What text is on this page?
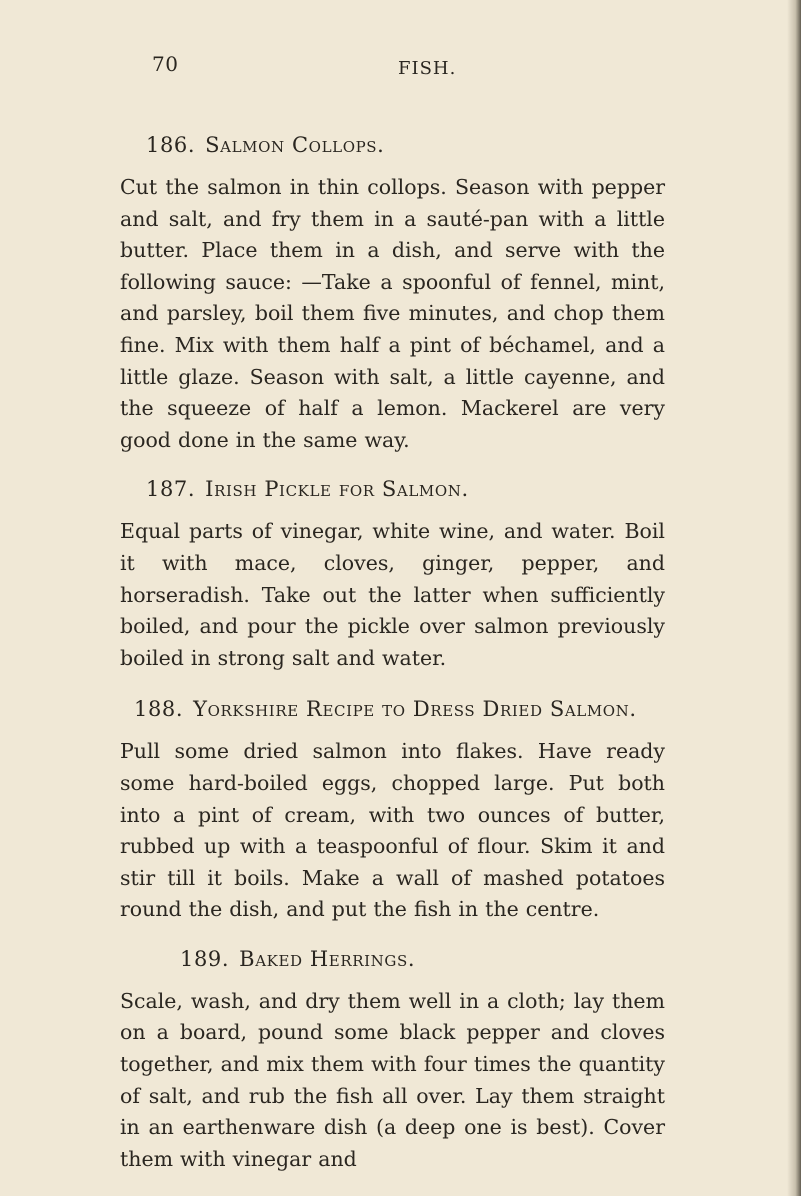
70	FISH.
186. Salmon Collops.

Cut the salmon in thin collops. Season with pepper and salt, and fry them in a sauté-pan with a little butter. Place them in a dish, and serve with the following sauce: —Take a spoonful of fennel, mint, and parsley, boil them five minutes, and chop them fine. Mix with them half a pint of béchamel, and a little glaze. Season with salt, a little cayenne, and the squeeze of half a lemon. Mackerel are very good done in the same way.

187. Irish Pickle for Salmon.

Equal parts of vinegar, white wine, and water. Boil it with mace, cloves, ginger, pepper, and horseradish. Take out the latter when sufficiently boiled, and pour the pickle over salmon previously boiled in strong salt and water.

188. Yorkshire Recipe to Dress Dried Salmon.

Pull some dried salmon into flakes. Have ready some hard-boiled eggs, chopped large. Put both into a pint of cream, with two ounces of butter, rubbed up with a teaspoonful of flour. Skim it and stir till it boils. Make a wall of mashed potatoes round the dish, and put the fish in the centre.

189. Baked Herrings.

Scale, wash, and dry them well in a cloth; lay them on a board, pound some black pepper and cloves together, and mix them with four times the quantity of salt, and rub the fish all over. Lay them straight in an earthenware dish (a deep one is best). Cover them with vinegar and
